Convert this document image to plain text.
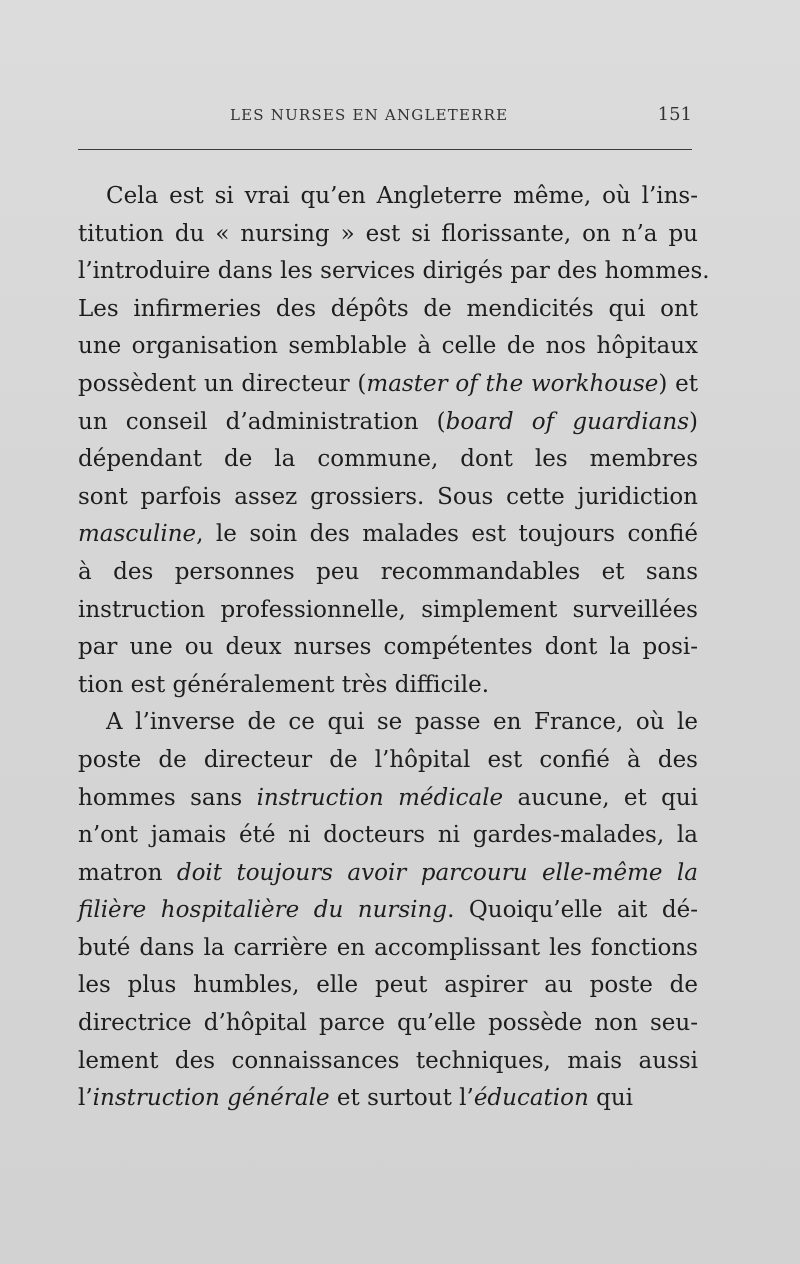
LES NURSES EN ANGLETERRE	151

Cela est si vrai qu’en Angleterre même, où l’ins-
titution du « nursing » est si florissante, on n’a pu
l’introduire dans les services dirigés par des hommes.
Les infirmeries des dépôts de mendicités qui ont
une organisation semblable à celle de nos hôpitaux
possèdent un directeur (master of the workhouse) et
un conseil d’administration (board of guardians)
dépendant de la commune, dont les membres
sont parfois assez grossiers. Sous cette juridiction
masculine, le soin des malades est toujours confié
à des personnes peu recommandables et sans
instruction professionnelle, simplement surveillées
par une ou deux nurses compétentes dont la posi-
tion est généralement très difficile.

A l’inverse de ce qui se passe en France, où le
poste de directeur de l’hôpital est confié à des
hommes sans instruction médicale aucune, et qui
n’ont jamais été ni docteurs ni gardes-malades, la
matron doit toujours avoir parcouru elle-même la
filière hospitalière du nursing. Quoiqu’elle ait dé-
buté dans la carrière en accomplissant les fonctions
les plus humbles, elle peut aspirer au poste de
directrice d’hôpital parce qu’elle possède non seu-
lement des connaissances techniques, mais aussi
l’instruction générale et surtout l’éducation qui
